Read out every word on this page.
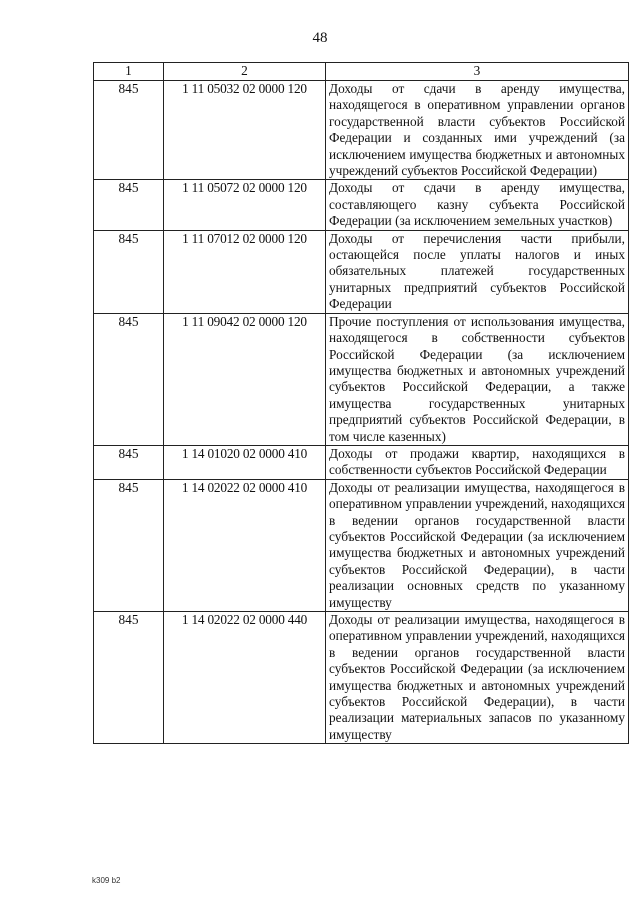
48
1	2	3
845	1 11 05032 02 0000 120	Доходы от сдачи в аренду имущества, находящегося в оперативном управлении органов государственной власти субъектов Российской Федерации и созданных ими учреждений (за исключением имущества бюджетных и автономных учреждений субъектов Российской Федерации)
845	1 11 05072 02 0000 120	Доходы от сдачи в аренду имущества, составляющего казну субъекта Российской Федерации (за исключением земельных участков)
845	1 11 07012 02 0000 120	Доходы от перечисления части прибыли, остающейся после уплаты налогов и иных обязательных платежей государственных унитарных предприятий субъектов Российской Федерации
845	1 11 09042 02 0000 120	Прочие поступления от использования имущества, находящегося в собственности субъектов Российской Федерации (за исключением имущества бюджетных и автономных учреждений субъектов Российской Федерации, а также имущества государственных унитарных предприятий субъектов Российской Федерации, в том числе казенных)
845	1 14 01020 02 0000 410	Доходы от продажи квартир, находящихся в собственности субъектов Российской Федерации
845	1 14 02022 02 0000 410	Доходы от реализации имущества, находящегося в оперативном управлении учреждений, находящихся в ведении органов государственной власти субъектов Российской Федерации (за исключением имущества бюджетных и автономных учреждений субъектов Российской Федерации), в части реализации основных средств по указанному имуществу
845	1 14 02022 02 0000 440	Доходы от реализации имущества, находящегося в оперативном управлении учреждений, находящихся в ведении органов государственной власти субъектов Российской Федерации (за исключением имущества бюджетных и автономных учреждений субъектов Российской Федерации), в части реализации материальных запасов по указанному имуществу
k309 b2
